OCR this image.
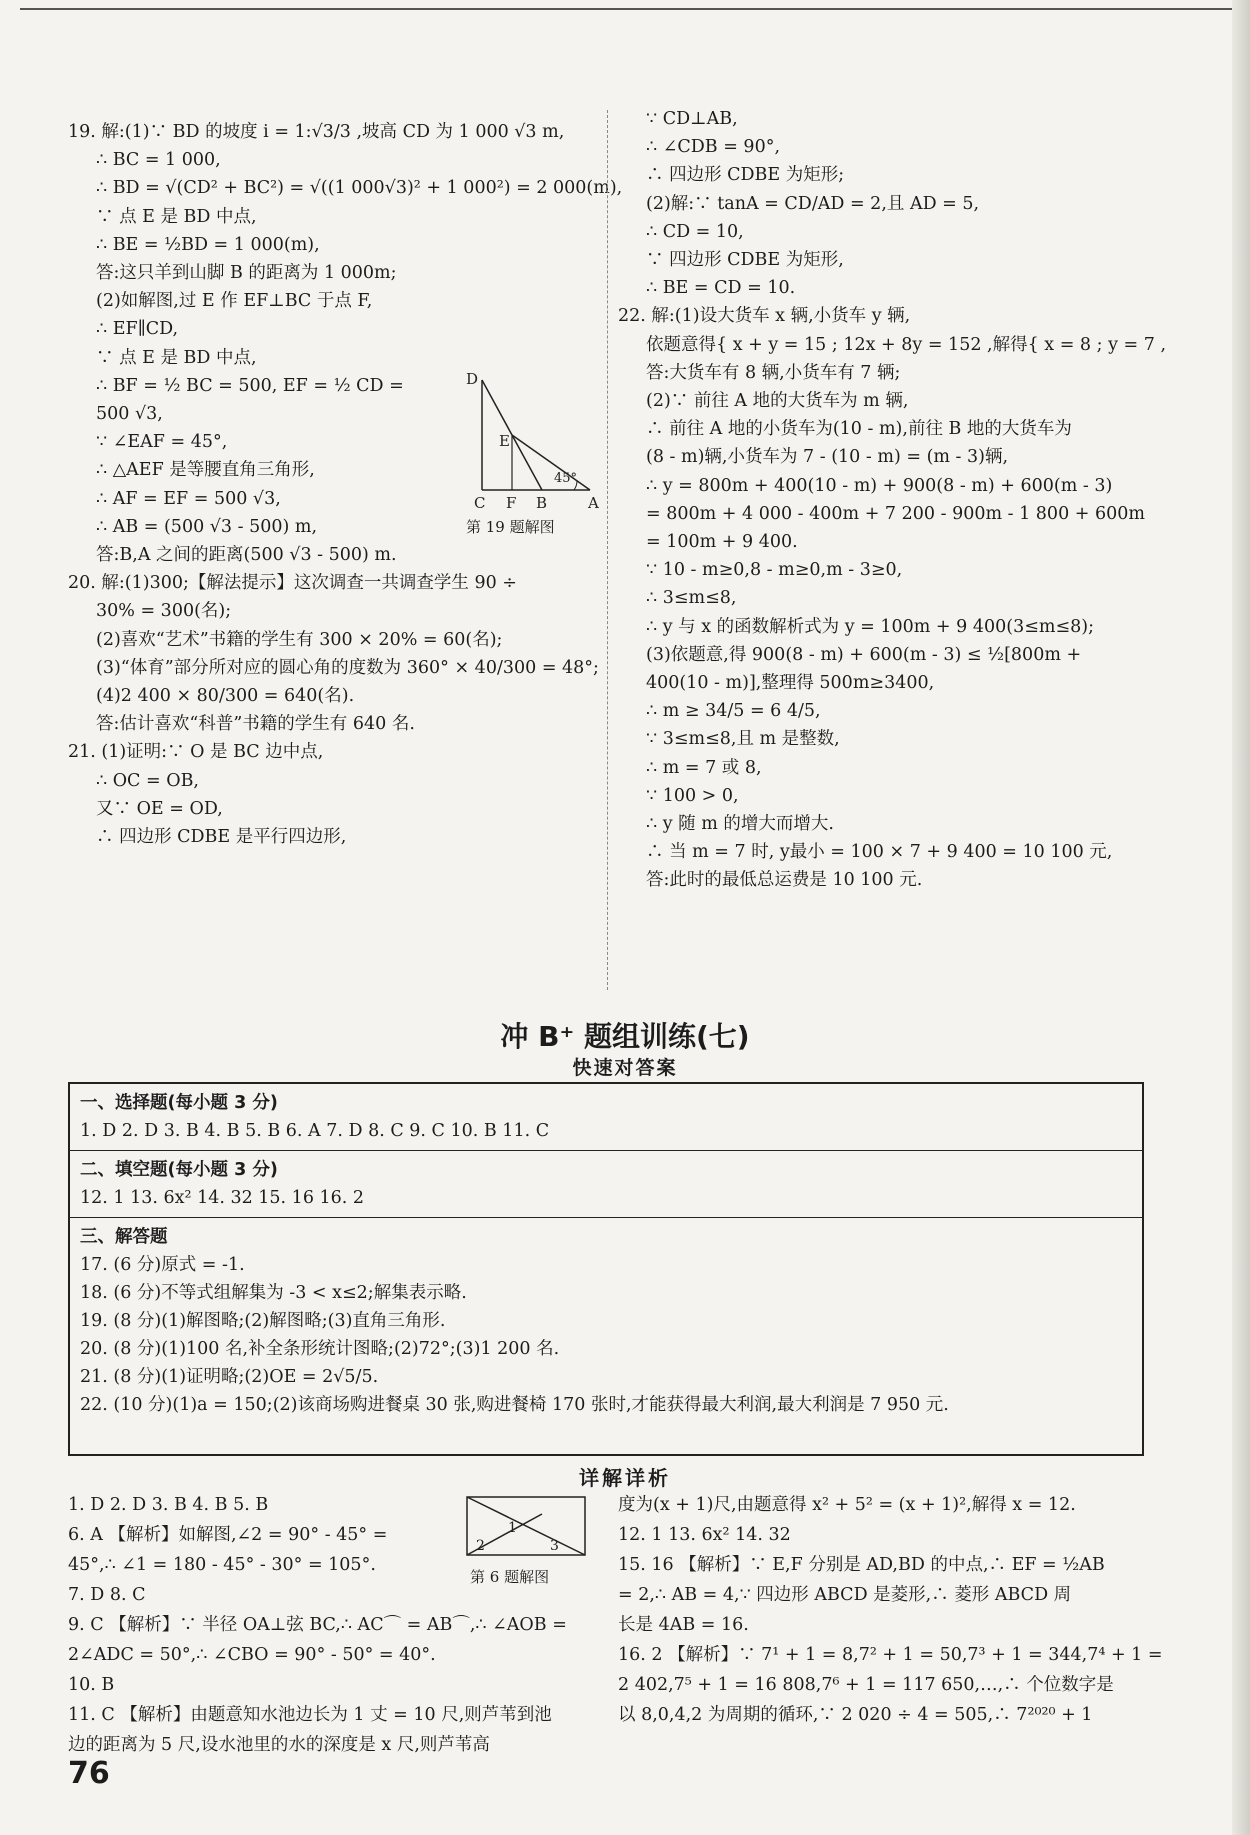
19. 解:(1)∵ BD 的坡度 i = 1:√3/3 ,坡高 CD 为 1 000 √3 m,

∴ BC = 1 000,

∴ BD = √(CD² + BC²) = √((1 000√3)² + 1 000²) = 2 000(m),

∵ 点 E 是 BD 中点,

∴ BE = ½BD = 1 000(m),

答:这只羊到山脚 B 的距离为 1 000m;

(2)如解图,过 E 作 EF⊥BC 于点 F,

∴ EF∥CD,

∵ 点 E 是 BD 中点,

∴ BF = ½ BC = 500, EF = ½ CD =

500 √3,

∵ ∠EAF = 45°,

∴ △AEF 是等腰直角三角形,

∴ AF = EF = 500 √3,

∴ AB = (500 √3 - 500) m,

答:B,A 之间的距离(500 √3 - 500) m.

20. 解:(1)300;【解法提示】这次调查一共调查学生 90 ÷

30% = 300(名);

(2)喜欢“艺术”书籍的学生有 300 × 20% = 60(名);

(3)“体育”部分所对应的圆心角的度数为 360° × 40/300 = 48°;

(4)2 400 × 80/300 = 640(名).

答:估计喜欢“科普”书籍的学生有 640 名.

21. (1)证明:∵ O 是 BC 边中点,

∴ OC = OB,

又∵ OE = OD,

∴ 四边形 CDBE 是平行四边形,

∵ CD⊥AB,

∴ ∠CDB = 90°,

∴ 四边形 CDBE 为矩形;

(2)解:∵ tanA = CD/AD = 2,且 AD = 5,

∴ CD = 10,

∵ 四边形 CDBE 为矩形,

∴ BE = CD = 10.

22. 解:(1)设大货车 x 辆,小货车 y 辆,

依题意得{ x + y = 15 ; 12x + 8y = 152 ,解得{ x = 8 ; y = 7 ,

答:大货车有 8 辆,小货车有 7 辆;

(2)∵ 前往 A 地的大货车为 m 辆,

∴ 前往 A 地的小货车为(10 - m),前往 B 地的大货车为

(8 - m)辆,小货车为 7 - (10 - m) = (m - 3)辆,

∴ y = 800m + 400(10 - m) + 900(8 - m) + 600(m - 3)

= 800m + 4 000 - 400m + 7 200 - 900m - 1 800 + 600m

= 100m + 9 400.

∵ 10 - m≥0,8 - m≥0,m - 3≥0,

∴ 3≤m≤8,

∴ y 与 x 的函数解析式为 y = 100m + 9 400(3≤m≤8);

(3)依题意,得 900(8 - m) + 600(m - 3) ≤ ½[800m +

400(10 - m)],整理得 500m≥3400,

∴ m ≥ 34/5 = 6 4/5,

∵ 3≤m≤8,且 m 是整数,

∴ m = 7 或 8,

∵ 100 > 0,

∴ y 随 m 的增大而增大.

∴ 当 m = 7 时, y最小 = 100 × 7 + 9 400 = 10 100 元,

答:此时的最低总运费是 10 100 元.

D
E
45°
C F B	A
第 19 题解图
冲 B⁺ 题组训练(七)
快速对答案

一、选择题(每小题 3 分)

1. D 2. D 3. B 4. B 5. B 6. A 7. D 8. C 9. C 10. B 11. C

二、填空题(每小题 3 分)

12. 1 13. 6x² 14. 32 15. 16 16. 2

三、解答题

17. (6 分)原式 = -1.

18. (6 分)不等式组解集为 -3 < x≤2;解集表示略.

19. (8 分)(1)解图略;(2)解图略;(3)直角三角形.

20. (8 分)(1)100 名,补全条形统计图略;(2)72°;(3)1 200 名.

21. (8 分)(1)证明略;(2)OE = 2√5/5.

22. (10 分)(1)a = 150;(2)该商场购进餐桌 30 张,购进餐椅 170 张时,才能获得最大利润,最大利润是 7 950 元.

详解详析

1. D 2. D 3. B 4. B 5. B

6. A 【解析】如解图,∠2 = 90° - 45° =

45°,∴ ∠1 = 180 - 45° - 30° = 105°.

7. D 8. C

9. C 【解析】∵ 半径 OA⊥弦 BC,∴ AC⌒ = AB⌒,∴ ∠AOB =

2∠ADC = 50°,∴ ∠CBO = 90° - 50° = 40°.

10. B

11. C 【解析】由题意知水池边长为 1 丈 = 10 尺,则芦苇到池

边的距离为 5 尺,设水池里的水的深度是 x 尺,则芦苇高

1
2	3
第 6 题解图

度为(x + 1)尺,由题意得 x² + 5² = (x + 1)²,解得 x = 12.

12. 1 13. 6x² 14. 32

15. 16 【解析】∵ E,F 分别是 AD,BD 的中点,∴ EF = ½AB

= 2,∴ AB = 4,∵ 四边形 ABCD 是菱形,∴ 菱形 ABCD 周

长是 4AB = 16.

16. 2 【解析】∵ 7¹ + 1 = 8,7² + 1 = 50,7³ + 1 = 344,7⁴ + 1 =

2 402,7⁵ + 1 = 16 808,7⁶ + 1 = 117 650,…,∴ 个位数字是

以 8,0,4,2 为周期的循环,∵ 2 020 ÷ 4 = 505,∴ 7²⁰²⁰ + 1

76
